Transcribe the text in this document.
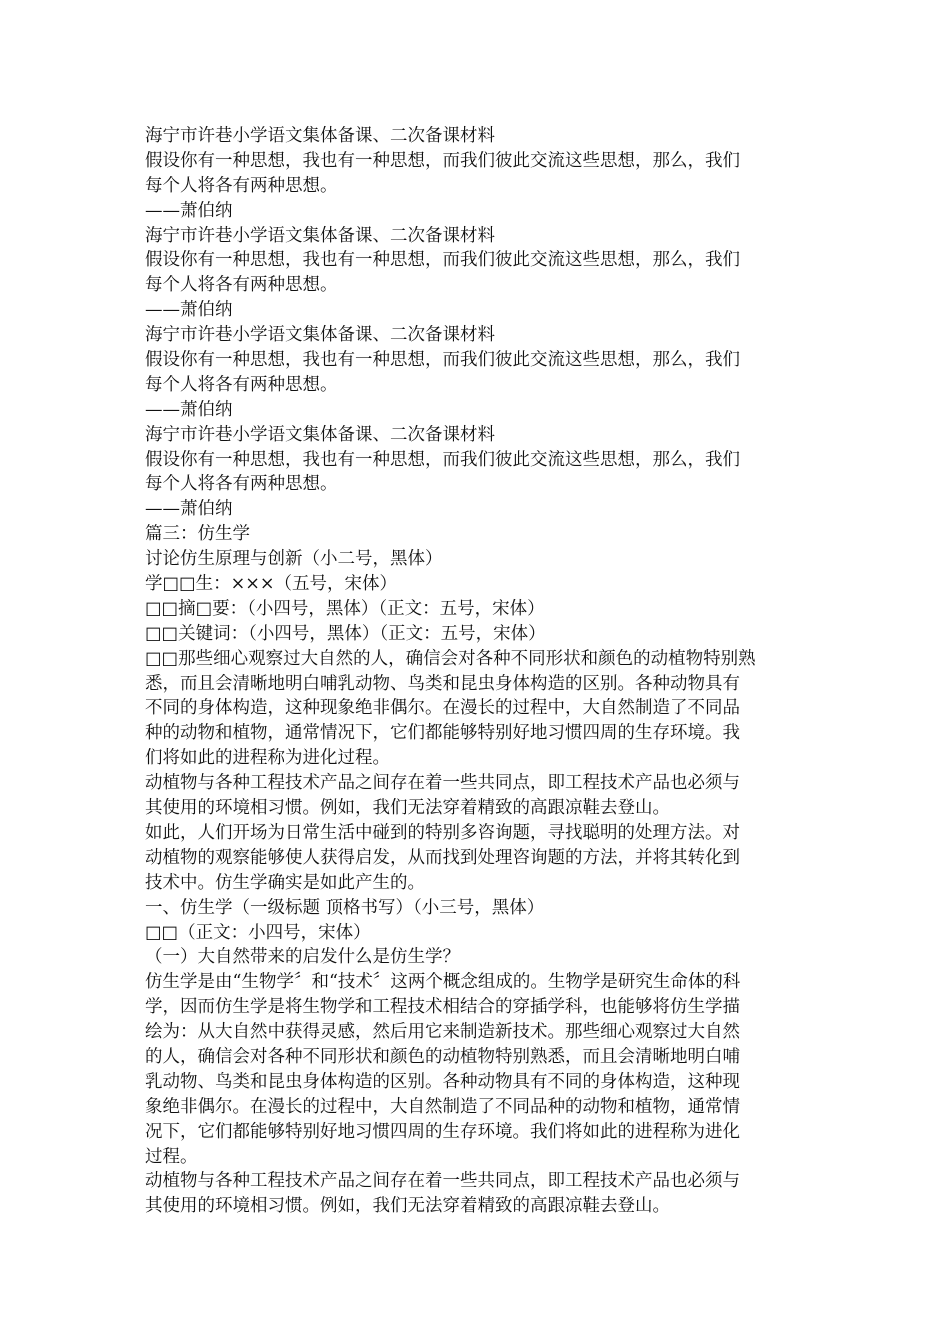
海宁市许巷小学语文集体备课、二次备课材料
假设你有一种思想，我也有一种思想，而我们彼此交流这些思想，那么，我们
每个人将各有两种思想。
——萧伯纳
海宁市许巷小学语文集体备课、二次备课材料
假设你有一种思想，我也有一种思想，而我们彼此交流这些思想，那么，我们
每个人将各有两种思想。
——萧伯纳
海宁市许巷小学语文集体备课、二次备课材料
假设你有一种思想，我也有一种思想，而我们彼此交流这些思想，那么，我们
每个人将各有两种思想。
——萧伯纳
海宁市许巷小学语文集体备课、二次备课材料
假设你有一种思想，我也有一种思想，而我们彼此交流这些思想，那么，我们
每个人将各有两种思想。
——萧伯纳
篇三：仿生学
讨论仿生原理与创新（小二号，黑体）
学□□生：×××（五号，宋体）
□□摘□要：（小四号，黑体）（正文：五号，宋体）
□□关键词：（小四号，黑体）（正文：五号，宋体）
□□那些细心观察过大自然的人，确信会对各种不同形状和颜色的动植物特别熟
悉，而且会清晰地明白哺乳动物、鸟类和昆虫身体构造的区别。各种动物具有
不同的身体构造，这种现象绝非偶尔。在漫长的过程中，大自然制造了不同品
种的动物和植物，通常情况下，它们都能够特别好地习惯四周的生存环境。我
们将如此的进程称为进化过程。
动植物与各种工程技术产品之间存在着一些共同点，即工程技术产品也必须与
其使用的环境相习惯。例如，我们无法穿着精致的高跟凉鞋去登山。
如此，人们开场为日常生活中碰到的特别多咨询题，寻找聪明的处理方法。对
动植物的观察能够使人获得启发，从而找到处理咨询题的方法，并将其转化到
技术中。仿生学确实是如此产生的。
一、仿生学（一级标题 顶格书写）（小三号，黑体）
□□（正文：小四号，宋体）
（一）大自然带来的启发什么是仿生学？
仿生学是由“生物学〞和“技术〞这两个概念组成的。生物学是研究生命体的科
学，因而仿生学是将生物学和工程技术相结合的穿插学科，也能够将仿生学描
绘为：从大自然中获得灵感，然后用它来制造新技术。那些细心观察过大自然
的人，确信会对各种不同形状和颜色的动植物特别熟悉，而且会清晰地明白哺
乳动物、鸟类和昆虫身体构造的区别。各种动物具有不同的身体构造，这种现
象绝非偶尔。在漫长的过程中，大自然制造了不同品种的动物和植物，通常情
况下，它们都能够特别好地习惯四周的生存环境。我们将如此的进程称为进化
过程。
动植物与各种工程技术产品之间存在着一些共同点，即工程技术产品也必须与
其使用的环境相习惯。例如，我们无法穿着精致的高跟凉鞋去登山。
